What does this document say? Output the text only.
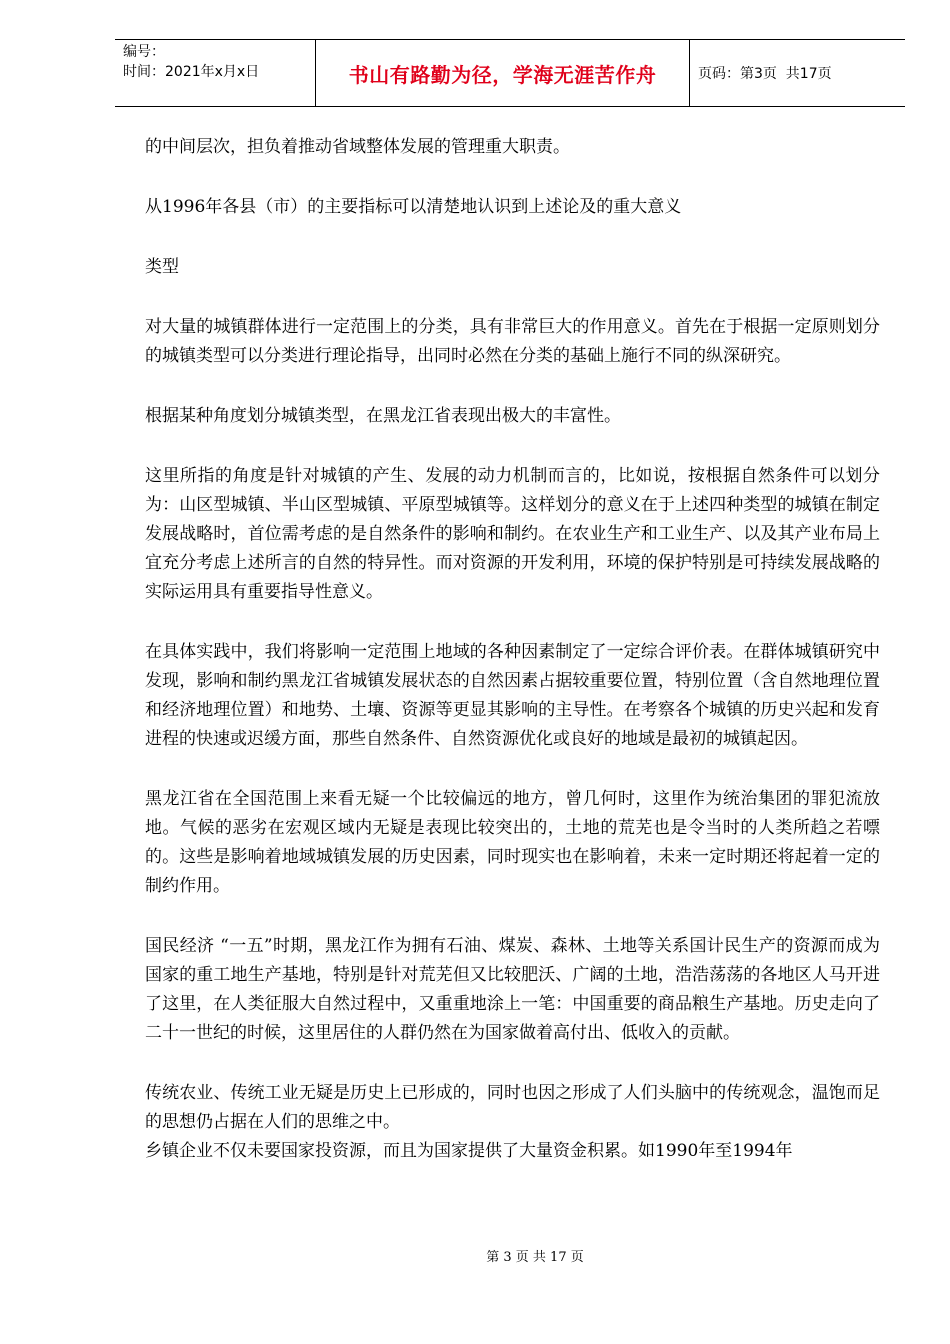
编号：
时间：2021年x月x日	书山有路勤为径，学海无涯苦作舟	页码：第3页  共17页

的中间层次，担负着推动省域整体发展的管理重大职责。

从1996年各县（市）的主要指标可以清楚地认识到上述论及的重大意义

类型

对大量的城镇群体进行一定范围上的分类，具有非常巨大的作用意义。首先在于根据一定原则划分的城镇类型可以分类进行理论指导，出同时必然在分类的基础上施行不同的纵深研究。

根据某种角度划分城镇类型，在黑龙江省表现出极大的丰富性。

这里所指的角度是针对城镇的产生、发展的动力机制而言的，比如说，按根据自然条件可以划分为：山区型城镇、半山区型城镇、平原型城镇等。这样划分的意义在于上述四种类型的城镇在制定发展战略时，首位需考虑的是自然条件的影响和制约。在农业生产和工业生产、以及其产业布局上宜充分考虑上述所言的自然的特异性。而对资源的开发利用，环境的保护特别是可持续发展战略的实际运用具有重要指导性意义。

在具体实践中，我们将影响一定范围上地域的各种因素制定了一定综合评价表。在群体城镇研究中发现，影响和制约黑龙江省城镇发展状态的自然因素占据较重要位置，特别位置（含自然地理位置和经济地理位置）和地势、土壤、资源等更显其影响的主导性。在考察各个城镇的历史兴起和发育进程的快速或迟缓方面，那些自然条件、自然资源优化或良好的地域是最初的城镇起因。

黑龙江省在全国范围上来看无疑一个比较偏远的地方，曾几何时，这里作为统治集团的罪犯流放地。气候的恶劣在宏观区域内无疑是表现比较突出的，土地的荒芜也是令当时的人类所趋之若嘌的。这些是影响着地域城镇发展的历史因素，同时现实也在影响着，未来一定时期还将起着一定的制约作用。

国民经济 “一五”时期，黑龙江作为拥有石油、煤炭、森林、土地等关系国计民生产的资源而成为国家的重工地生产基地，特别是针对荒芜但又比较肥沃、广阔的土地，浩浩荡荡的各地区人马开进了这里，在人类征服大自然过程中，又重重地涂上一笔：中国重要的商品粮生产基地。历史走向了二十一世纪的时候，这里居住的人群仍然在为国家做着高付出、低收入的贡献。

传统农业、传统工业无疑是历史上已形成的，同时也因之形成了人们头脑中的传统观念，温饱而足的思想仍占据在人们的思维之中。

乡镇企业不仅未要国家投资源，而且为国家提供了大量资金积累。如1990年至1994年

第 3 页 共 17 页
